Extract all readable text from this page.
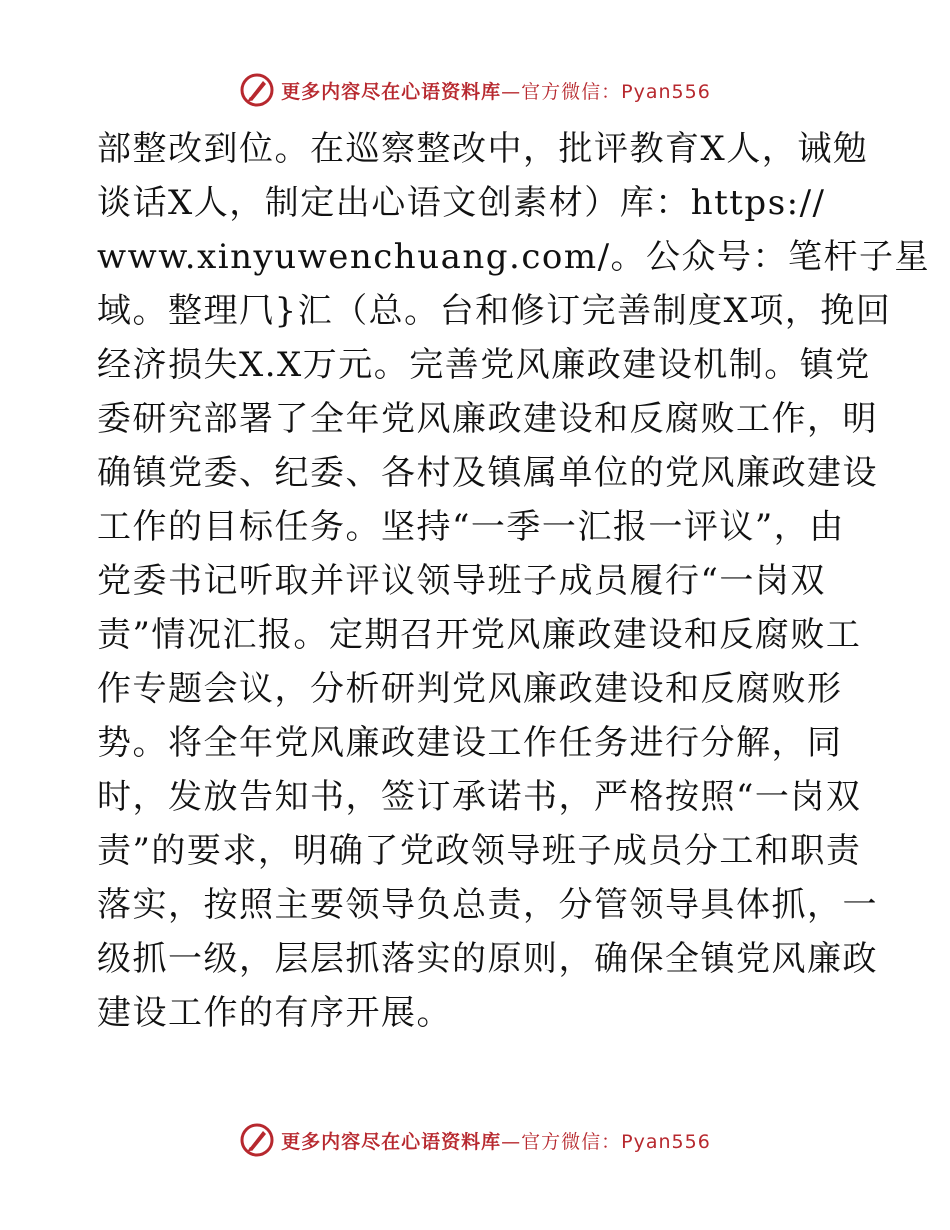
更多内容尽在心语资料库 —官方微信：Pyan556
部整改到位。在巡察整改中，批评教育X人，诫勉
谈话X人，制定出心语文创素材）库：https://
www.xinyuwenchuang.com/。公众号：笔杆子星
域。整理⺇}汇（总。台和修订完善制度X项，挽回
经济损失X.X万元。完善党风廉政建设机制。镇党
委研究部署了全年党风廉政建设和反腐败工作，明
确镇党委、纪委、各村及镇属单位的党风廉政建设
工作的目标任务。坚持“一季一汇报一评议”，由
党委书记听取并评议领导班子成员履行“一岗双
责”情况汇报。定期召开党风廉政建设和反腐败工
作专题会议，分析研判党风廉政建设和反腐败形
势。将全年党风廉政建设工作任务进行分解，同
时，发放告知书，签订承诺书，严格按照“一岗双
责”的要求，明确了党政领导班子成员分工和职责
落实，按照主要领导负总责，分管领导具体抓，一
级抓一级，层层抓落实的原则，确保全镇党风廉政
建设工作的有序开展。
更多内容尽在心语资料库 —官方微信：Pyan556
